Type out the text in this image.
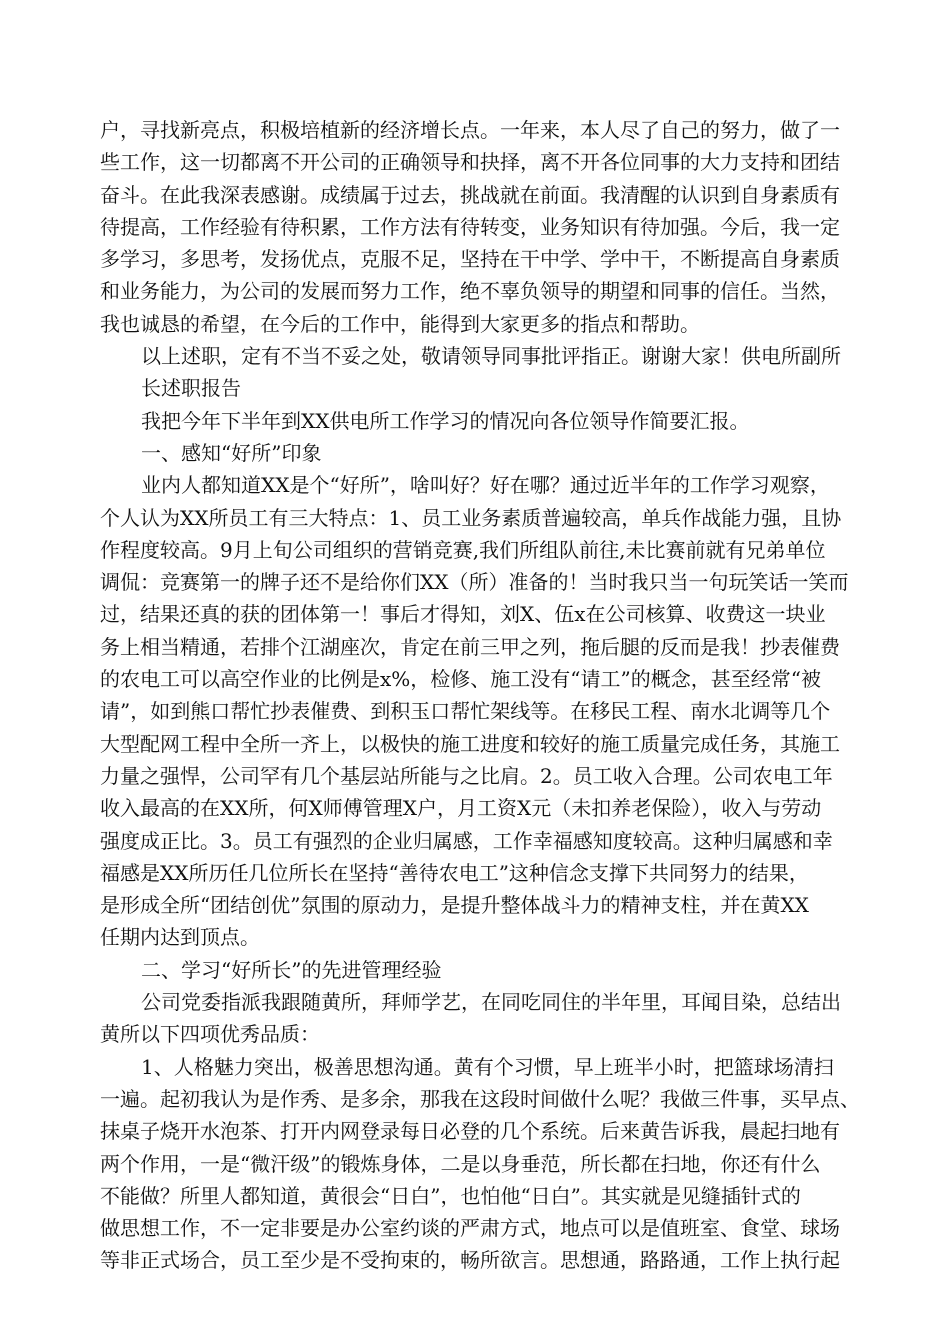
户，寻找新亮点，积极培植新的经济增长点。一年来，本人尽了自己的努力，做了一
些工作，这一切都离不开公司的正确领导和抉择，离不开各位同事的大力支持和团结
奋斗。在此我深表感谢。成绩属于过去，挑战就在前面。我清醒的认识到自身素质有
待提高，工作经验有待积累，工作方法有待转变，业务知识有待加强。今后，我一定
多学习，多思考，发扬优点，克服不足，坚持在干中学、学中干，不断提高自身素质
和业务能力，为公司的发展而努力工作，绝不辜负领导的期望和同事的信任。当然，
我也诚恳的希望，在今后的工作中，能得到大家更多的指点和帮助。
以上述职，定有不当不妥之处，敬请领导同事批评指正。谢谢大家！供电所副所
长述职报告
我把今年下半年到XX供电所工作学习的情况向各位领导作简要汇报。
一、感知“好所”印象
业内人都知道XX是个“好所”，啥叫好？好在哪？通过近半年的工作学习观察，
个人认为XX所员工有三大特点：1、员工业务素质普遍较高，单兵作战能力强，且协
作程度较高。9月上旬公司组织的营销竞赛,我们所组队前往,未比赛前就有兄弟单位
调侃：竞赛第一的牌子还不是给你们XX（所）准备的！当时我只当一句玩笑话一笑而
过，结果还真的获的团体第一！事后才得知，刘X、伍x在公司核算、收费这一块业
务上相当精通，若排个江湖座次，肯定在前三甲之列，拖后腿的反而是我！抄表催费
的农电工可以高空作业的比例是x%，检修、施工没有“请工”的概念，甚至经常“被
请”，如到熊口帮忙抄表催费、到积玉口帮忙架线等。在移民工程、南水北调等几个
大型配网工程中全所一齐上，以极快的施工进度和较好的施工质量完成任务，其施工
力量之强悍，公司罕有几个基层站所能与之比肩。2。员工收入合理。公司农电工年
收入最高的在XX所，何X师傅管理X户，月工资X元（未扣养老保险），收入与劳动
强度成正比。3。员工有强烈的企业归属感，工作幸福感知度较高。这种归属感和幸
福感是XX所历任几位所长在坚持“善待农电工”这种信念支撑下共同努力的结果，
是形成全所“团结创优”氛围的原动力，是提升整体战斗力的精神支柱，并在黄XX
任期内达到顶点。
二、学习“好所长”的先进管理经验
公司党委指派我跟随黄所，拜师学艺，在同吃同住的半年里，耳闻目染，总结出
黄所以下四项优秀品质：
1、人格魅力突出，极善思想沟通。黄有个习惯，早上班半小时，把篮球场清扫
一遍。起初我认为是作秀、是多余，那我在这段时间做什么呢？我做三件事，买早点、
抹桌子烧开水泡茶、打开内网登录每日必登的几个系统。后来黄告诉我，晨起扫地有
两个作用，一是“微汗级”的锻炼身体，二是以身垂范，所长都在扫地，你还有什么
不能做？所里人都知道，黄很会“日白”，也怕他“日白”。其实就是见缝插针式的
做思想工作，不一定非要是办公室约谈的严肃方式，地点可以是值班室、食堂、球场
等非正式场合，员工至少是不受拘束的，畅所欲言。思想通，路路通，工作上执行起
